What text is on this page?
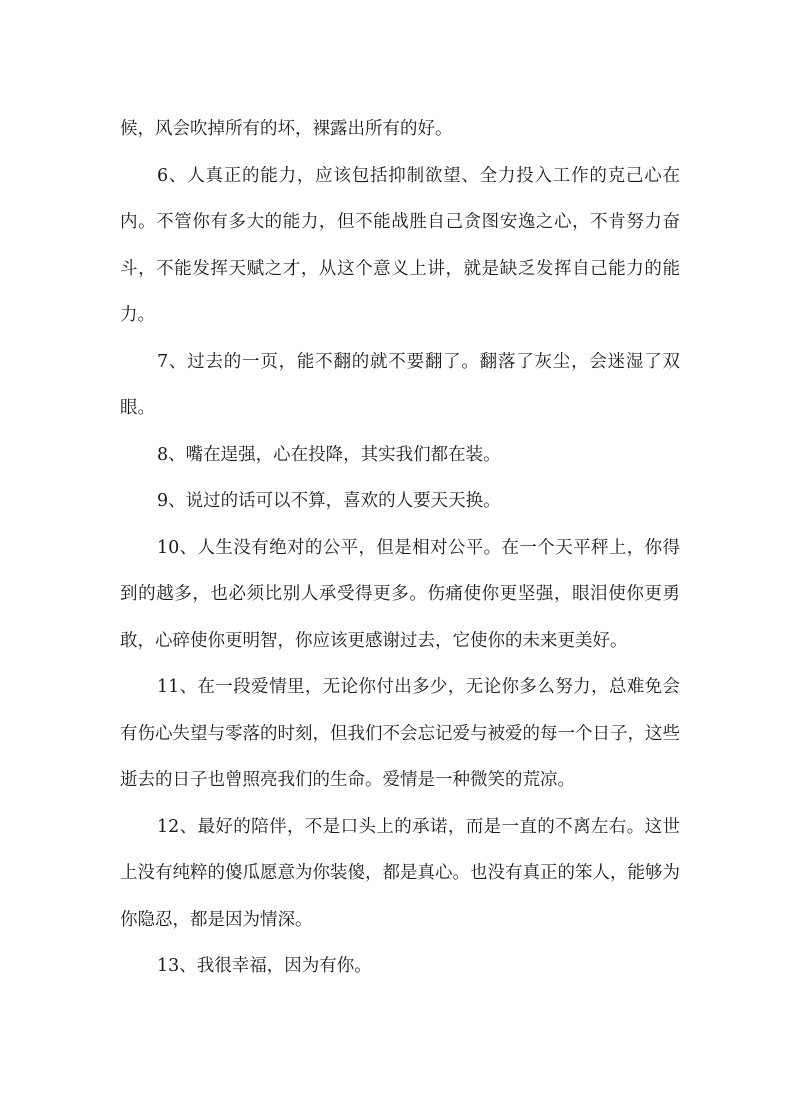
候，风会吹掉所有的坏，裸露出所有的好。

6、人真正的能力，应该包括抑制欲望、全力投入工作的克己心在内。不管你有多大的能力，但不能战胜自己贪图安逸之心，不肯努力奋斗，不能发挥天赋之才，从这个意义上讲，就是缺乏发挥自己能力的能力。

7、过去的一页，能不翻的就不要翻了。翻落了灰尘，会迷湿了双眼。

8、嘴在逞强，心在投降，其实我们都在装。

9、说过的话可以不算，喜欢的人要天天换。

10、人生没有绝对的公平，但是相对公平。在一个天平秤上，你得到的越多，也必须比别人承受得更多。伤痛使你更坚强，眼泪使你更勇敢，心碎使你更明智，你应该更感谢过去，它使你的未来更美好。

11、在一段爱情里，无论你付出多少，无论你多么努力，总难免会有伤心失望与零落的时刻，但我们不会忘记爱与被爱的每一个日子，这些逝去的日子也曾照亮我们的生命。爱情是一种微笑的荒凉。

12、最好的陪伴，不是口头上的承诺，而是一直的不离左右。这世上没有纯粹的傻瓜愿意为你装傻，都是真心。也没有真正的笨人，能够为你隐忍，都是因为情深。

13、我很幸福，因为有你。
